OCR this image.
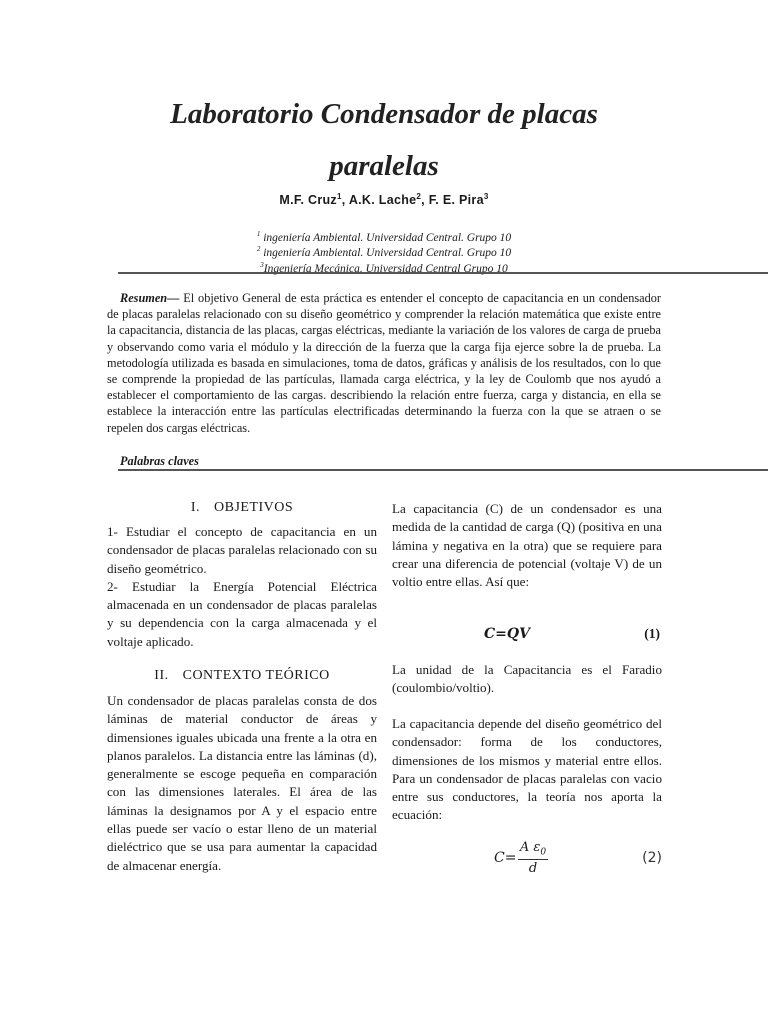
Laboratorio Condensador de placas
paralelas
M.F. Cruz$^1$, A.K. Lache$^2$, F. E. Pira$^3$
$^1$ ingeniería Ambiental. Universidad Central. Grupo 10
$^2$ ingeniería Ambiental. Universidad Central. Grupo 10
$^3$Ingeniería Mecánica. Universidad Central Grupo 10
Resumen— El objetivo General de esta práctica es entender el concepto de capacitancia en un condensador de placas paralelas relacionado con su diseño geométrico y comprender la relación matemática que existe entre la capacitancia, distancia de las placas, cargas eléctricas, mediante la variación de los valores de carga de prueba y observando como varia el módulo y la dirección de la fuerza que la carga fija ejerce sobre la de prueba. La metodología utilizada es basada en simulaciones, toma de datos, gráficas y análisis de los resultados, con lo que se comprende la propiedad de las partículas, llamada carga eléctrica, y la ley de Coulomb que nos ayudó a establecer el comportamiento de las cargas. describiendo la relación entre fuerza, carga y distancia, en ella se establece la interacción entre las partículas electrificadas determinando la fuerza con la que se atraen o se repelen dos cargas eléctricas.
Palabras claves
I. OBJETIVOS

1- Estudiar el concepto de capacitancia en un condensador de placas paralelas relacionado con su diseño geométrico.

2- Estudiar la Energía Potencial Eléctrica almacenada en un condensador de placas paralelas y su dependencia con la carga almacenada y el voltaje aplicado.

II. CONTEXTO TEÓRICO

Un condensador de placas paralelas consta de dos láminas de material conductor de áreas y dimensiones iguales ubicada una frente a la otra en planos paralelos. La distancia entre las láminas (d), generalmente se escoge pequeña en comparación con las dimensiones laterales. El área de las láminas la designamos por A y el espacio entre ellas puede ser vacío o estar lleno de un material dieléctrico que se usa para aumentar la capacidad de almacenar energía.

La capacitancia (C) de un condensador es una medida de la cantidad de carga (Q) (positiva en una lámina y negativa en la otra) que se requiere para crear una diferencia de potencial (voltaje V) de un voltio entre ellas. Así que:

C=QV	(1)

La unidad de la Capacitancia es el Faradio (coulombio/voltio).

La capacitancia depende del diseño geométrico del condensador: forma de los conductores, dimensiones de los mismos y material entre ellos. Para un condensador de placas paralelas con vacio entre sus conductores, la teoría nos aporta la ecuación:

C=
A $\varepsilon_0$
d
(2)
